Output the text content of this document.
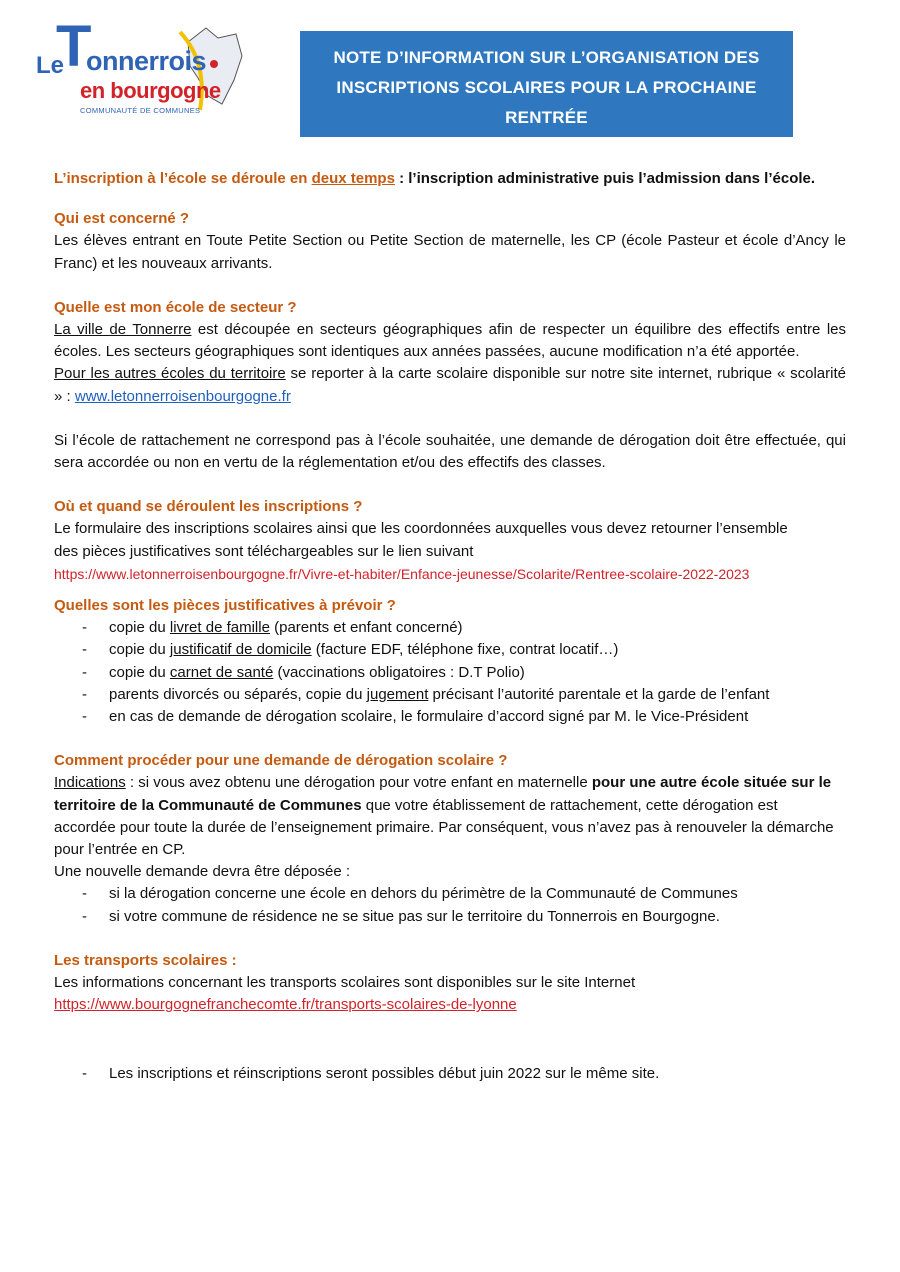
Le
T
onnerrois
en bourgogne
COMMUNAUTÉ DE COMMUNES
NOTE D’INFORMATION SUR L’ORGANISATION DES
INSCRIPTIONS SCOLAIRES POUR LA PROCHAINE RENTRÉE
(2022/2023)

L’inscription à l’école se déroule en deux temps : l’inscription administrative puis l’admission dans l’école.

Qui est concerné ?

Les élèves entrant en Toute Petite Section ou Petite Section de maternelle, les CP (école Pasteur et école d’Ancy le Franc) et les nouveaux arrivants.

Quelle est mon école de secteur ?

La ville de Tonnerre est découpée en secteurs géographiques afin de respecter un équilibre des effectifs entre les écoles. Les secteurs géographiques sont identiques aux années passées, aucune modification n’a été apportée.

Pour les autres écoles du territoire se reporter à la carte scolaire disponible sur notre site internet, rubrique « scolarité » : www.letonnerroisenbourgogne.fr

Si l’école de rattachement ne correspond pas à l’école souhaitée, une demande de dérogation doit être effectuée, qui sera accordée ou non en vertu de la réglementation et/ou des effectifs des classes.

Où et quand se déroulent les inscriptions ?

Le formulaire des inscriptions scolaires ainsi que les coordonnées auxquelles vous devez retourner l’ensemble des pièces justificatives sont téléchargeables sur le lien suivant

https://www.letonnerroisenbourgogne.fr/Vivre-et-habiter/Enfance-jeunesse/Scolarite/Rentree-scolaire-2022-2023

Quelles sont les pièces justificatives à prévoir ?

- copie du livret de famille (parents et enfant concerné)
- copie du justificatif de domicile (facture EDF, téléphone fixe, contrat locatif…)
- copie du carnet de santé (vaccinations obligatoires : D.T Polio)
- parents divorcés ou séparés, copie du jugement précisant l’autorité parentale et la garde de l’enfant
- en cas de demande de dérogation scolaire, le formulaire d’accord signé par M. le Vice-Président

Comment procéder pour une demande de dérogation scolaire ?

Indications : si vous avez obtenu une dérogation pour votre enfant en maternelle pour une autre école située sur le territoire de la Communauté de Communes que votre établissement de rattachement, cette dérogation est accordée pour toute la durée de l’enseignement primaire. Par conséquent, vous n’avez pas à renouveler la démarche pour l’entrée en CP.

Une nouvelle demande devra être déposée :

- si la dérogation concerne une école en dehors du périmètre de la Communauté de Communes
- si votre commune de résidence ne se situe pas sur le territoire du Tonnerrois en Bourgogne.

Les transports scolaires :

Les informations concernant les transports scolaires sont disponibles sur le site Internet

https://www.bourgognefranchecomte.fr/transports-scolaires-de-lyonne

- Les inscriptions et réinscriptions seront possibles début juin 2022 sur le même site.
